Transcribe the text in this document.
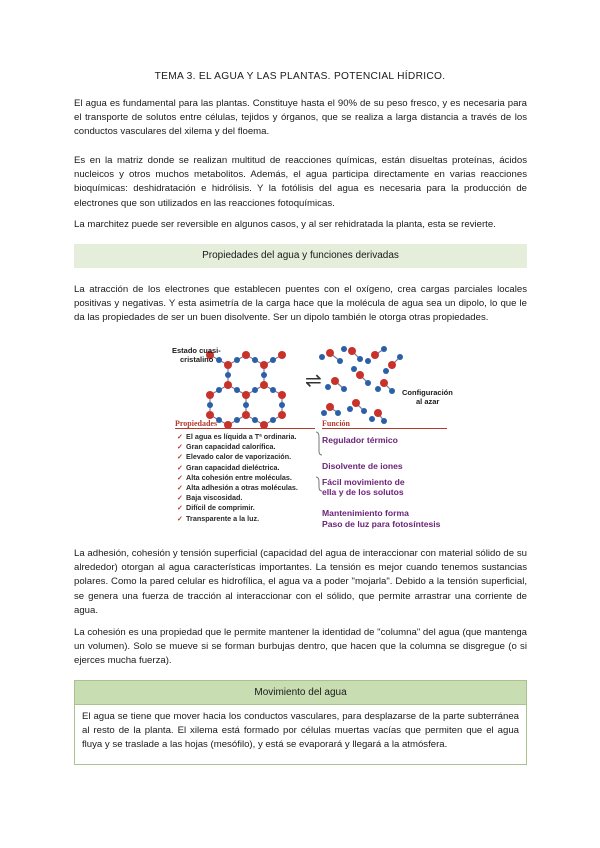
TEMA 3. EL AGUA Y LAS PLANTAS. POTENCIAL HÍDRICO.

El agua es fundamental para las plantas. Constituye hasta el 90% de su peso fresco, y es necesaria para el transporte de solutos entre células, tejidos y órganos, que se realiza a larga distancia a través de los conductos vasculares del xilema y del floema.

Es en la matriz donde se realizan multitud de reacciones químicas, están disueltas proteínas, ácidos nucleicos y otros muchos metabolitos. Además, el agua participa directamente en varias reacciones bioquímicas: deshidratación e hidrólisis. Y la fotólisis del agua es necesaria para la producción de electrones que son utilizados en las reacciones fotoquímicas.

La marchitez puede ser reversible en algunos casos, y al ser rehidratada la planta, esta se revierte.

Propiedades del agua y funciones derivadas

La atracción de los electrones que establecen puentes con el oxígeno, crea cargas parciales locales positivas y negativas. Y esta asimetría de la carga hace que la molécula de agua sea un dipolo, lo que le da las propiedades de ser un buen disolvente. Ser un dipolo también le otorga otras propiedades.

Estado cuasi-
cristalino
⇌
Configuración
al azar
Propiedades	Función
✓ El agua es líquida a Tª ordinaria.
✓ Gran capacidad calorífica.
✓ Elevado calor de vaporización.
✓ Gran capacidad dieléctrica.
✓ Alta cohesión entre moléculas.
✓ Alta adhesión a otras moléculas.
✓ Baja viscosidad.
✓ Difícil de comprimir.
✓ Transparente a la luz.
Regulador térmico
Disolvente de iones
Fácil movimiento de
ella y de los solutos
Mantenimiento forma
Paso de luz para fotosíntesis

La adhesión, cohesión y tensión superficial (capacidad del agua de interaccionar con material sólido de su alrededor) otorgan al agua características importantes. La tensión es mejor cuando tenemos sustancias polares. Como la pared celular es hidrofílica, el agua va a poder "mojarla". Debido a la tensión superficial, se genera una fuerza de tracción al interaccionar con el sólido, que permite arrastrar una corriente de agua.

La cohesión es una propiedad que le permite mantener la identidad de "columna" del agua (que mantenga un volumen). Solo se mueve si se forman burbujas dentro, que hacen que la columna se disgregue (o si ejerces mucha fuerza).

Movimiento del agua
El agua se tiene que mover hacia los conductos vasculares, para desplazarse de la parte subterránea al resto de la planta. El xilema está formado por células muertas vacías que permiten que el agua fluya y se traslade a las hojas (mesófilo), y está se evaporará y llegará a la atmósfera.
